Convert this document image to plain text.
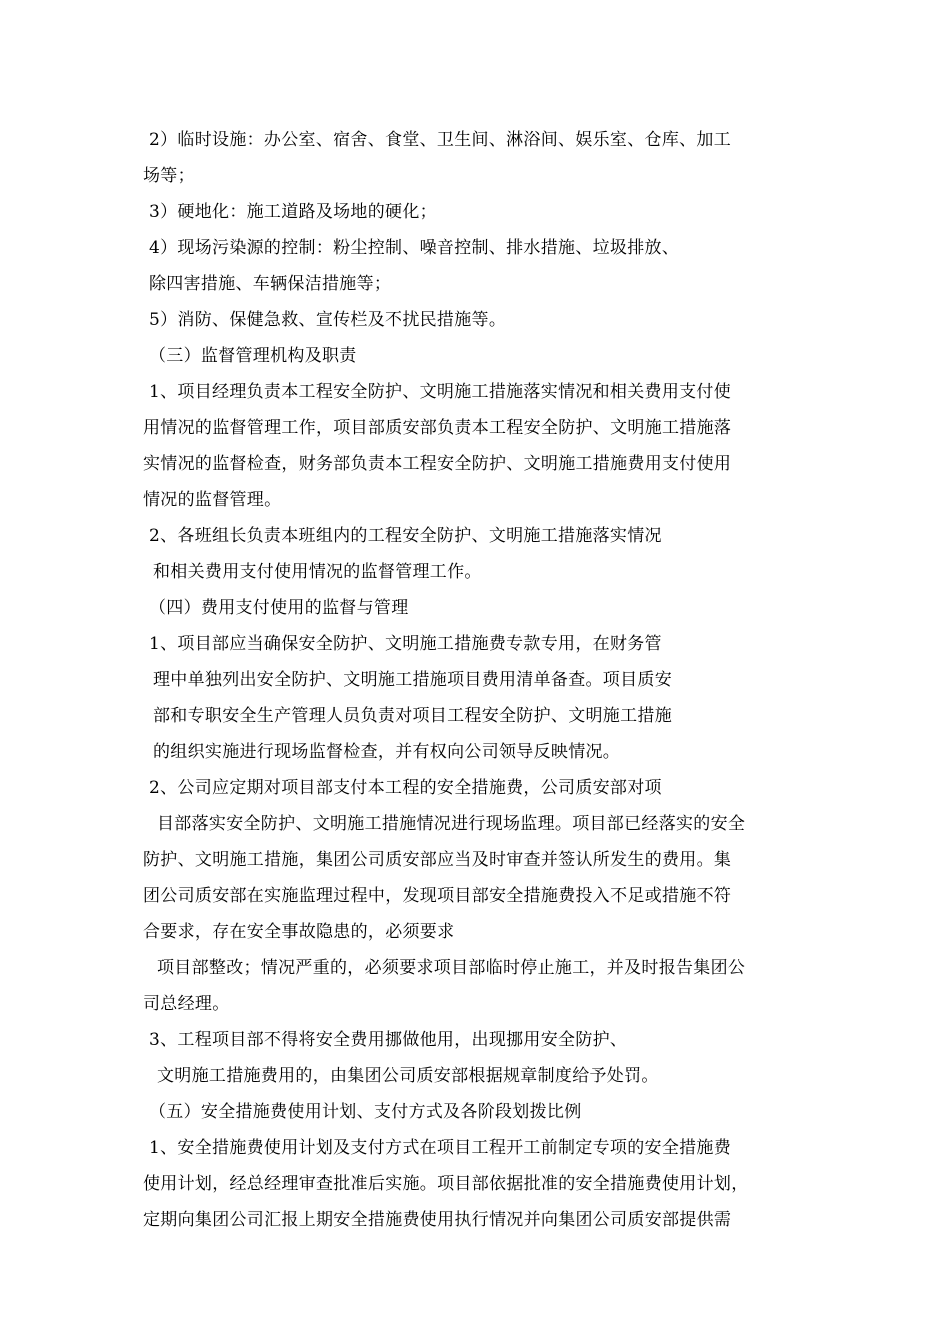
2）临时设施：办公室、宿舍、食堂、卫生间、淋浴间、娱乐室、仓库、加工
场等；
3）硬地化：施工道路及场地的硬化；
4）现场污染源的控制：粉尘控制、噪音控制、排水措施、垃圾排放、
除四害措施、车辆保洁措施等；
5）消防、保健急救、宣传栏及不扰民措施等。
（三）监督管理机构及职责
1、项目经理负责本工程安全防护、文明施工措施落实情况和相关费用支付使
用情况的监督管理工作，项目部质安部负责本工程安全防护、文明施工措施落
实情况的监督检查，财务部负责本工程安全防护、文明施工措施费用支付使用
情况的监督管理。
2、各班组长负责本班组内的工程安全防护、文明施工措施落实情况
和相关费用支付使用情况的监督管理工作。
（四）费用支付使用的监督与管理
1、项目部应当确保安全防护、文明施工措施费专款专用，在财务管
理中单独列出安全防护、文明施工措施项目费用清单备查。项目质安
部和专职安全生产管理人员负责对项目工程安全防护、文明施工措施
的组织实施进行现场监督检查，并有权向公司领导反映情况。
2、公司应定期对项目部支付本工程的安全措施费，公司质安部对项
目部落实安全防护、文明施工措施情况进行现场监理。项目部已经落实的安全
防护、文明施工措施，集团公司质安部应当及时审查并签认所发生的费用。集
团公司质安部在实施监理过程中，发现项目部安全措施费投入不足或措施不符
合要求，存在安全事故隐患的，必须要求
项目部整改；情况严重的，必须要求项目部临时停止施工，并及时报告集团公
司总经理。
3、工程项目部不得将安全费用挪做他用，出现挪用安全防护、
文明施工措施费用的，由集团公司质安部根据规章制度给予处罚。
（五）安全措施费使用计划、支付方式及各阶段划拨比例
1、安全措施费使用计划及支付方式在项目工程开工前制定专项的安全措施费
使用计划，经总经理审查批准后实施。项目部依据批准的安全措施费使用计划，
定期向集团公司汇报上期安全措施费使用执行情况并向集团公司质安部提供需
